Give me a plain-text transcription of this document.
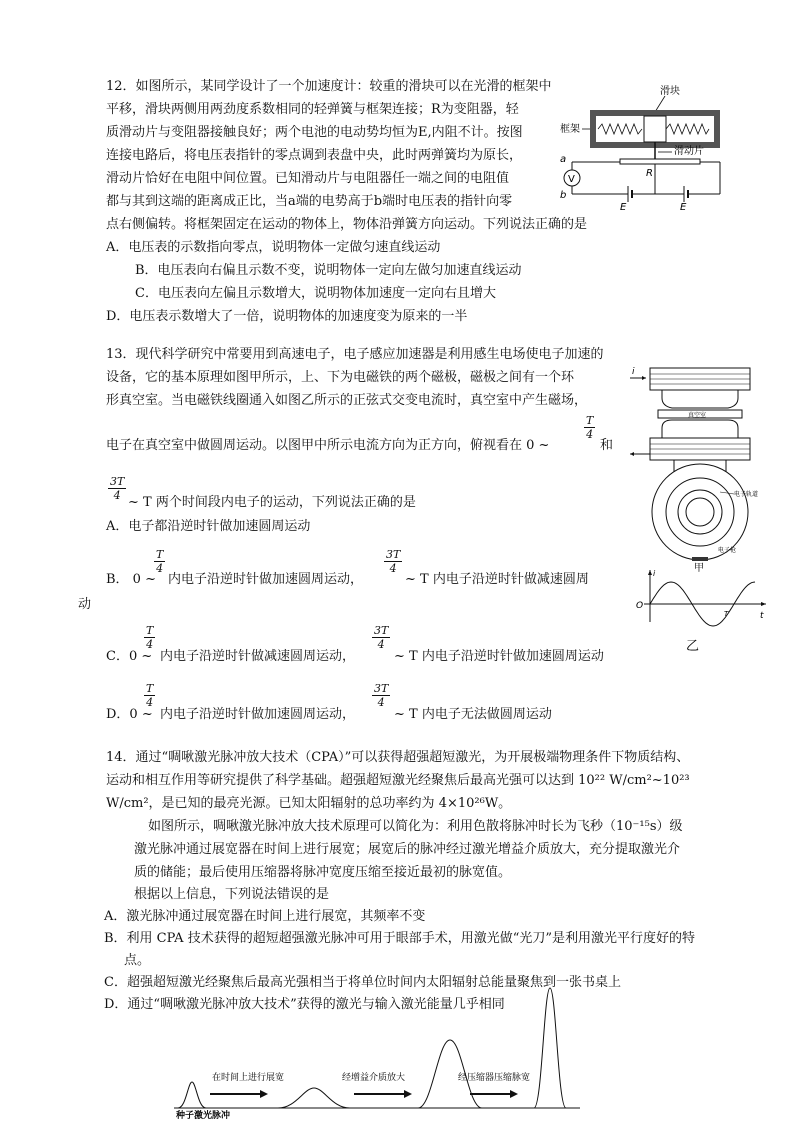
12．如图所示，某同学设计了一个加速度计：较重的滑块可以在光滑的框架中
平移，滑块两侧用两劲度系数相同的轻弹簧与框架连接；R为变阻器，轻
质滑动片与变阻器接触良好；两个电池的电动势均恒为E,内阻不计。按图
连接电路后，将电压表指针的零点调到表盘中央，此时两弹簧均为原长，
滑动片恰好在电阻中间位置。已知滑动片与电阻器任一端之间的电阻值
都与其到这端的距离成正比，当a端的电势高于b端时电压表的指针向零
点右侧偏转。将框架固定在运动的物体上，物体沿弹簧方向运动。下列说法正确的是
A．电压表的示数指向零点，说明物体一定做匀速直线运动
B．电压表向右偏且示数不变，说明物体一定向左做匀加速直线运动
C．电压表向左偏且示数增大，说明物体加速度一定向右且增大
D．电压表示数增大了一倍，说明物体的加速度变为原来的一半
滑块
框架
滑动片
R
V
a
b
E	E
13．现代科学研究中常要用到高速电子，电子感应加速器是利用感生电场使电子加速的
设备，它的基本原理如图甲所示，上、下为电磁铁的两个磁极，磁极之间有一个环
形真空室。当电磁铁线圈通入如图乙所示的正弦式交变电流时，真空室中产生磁场，
电子在真空室中做圆周运动。以图甲中所示电流方向为正方向，俯视看在 0 ~
$\frac{T}{4}$
和
$\frac{3T}{4}$
~ T 两个时间段内电子的运动，下列说法正确的是
A．电子都沿逆时针做加速圆周运动
B． 0 ~
$\frac{T}{4}$
内电子沿逆时针做加速圆周运动，
$\frac{3T}{4}$
~ T 内电子沿逆时针做减速圆周
动
C．0 ~
$\frac{T}{4}$
内电子沿逆时针做减速圆周运动，
$\frac{3T}{4}$
~ T 内电子沿逆时针做加速圆周运动
D．0 ~
$\frac{T}{4}$
内电子沿逆时针做加速圆周运动，
$\frac{3T}{4}$
~ T 内电子无法做圆周运动
i
真空室
电子轨道
电子枪
甲
i
O
t
T
乙
14．通过“啁啾激光脉冲放大技术（CPA）”可以获得超强超短激光，为开展极端物理条件下物质结构、
运动和相互作用等研究提供了科学基础。超强超短激光经聚焦后最高光强可以达到 10²² W/cm²~10²³
W/cm²，是已知的最亮光源。已知太阳辐射的总功率约为 4×10²⁶W。
如图所示，啁啾激光脉冲放大技术原理可以简化为：利用色散将脉冲时长为飞秒（10⁻¹⁵s）级
激光脉冲通过展宽器在时间上进行展宽；展宽后的脉冲经过激光增益介质放大，充分提取激光介
质的储能；最后使用压缩器将脉冲宽度压缩至接近最初的脉宽值。
根据以上信息，下列说法错误的是
A．激光脉冲通过展宽器在时间上进行展宽，其频率不变
B．利用 CPA 技术获得的超短超强激光脉冲可用于眼部手术，用激光做“光刀”是利用激光平行度好的特
点。
C．超强超短激光经聚焦后最高光强相当于将单位时间内太阳辐射总能量聚焦到一张书桌上
D．通过“啁啾激光脉冲放大技术”获得的激光与输入激光能量几乎相同
种子激光脉冲
在时间上进行展宽	经增益介质放大	经压缩器压缩脉宽
